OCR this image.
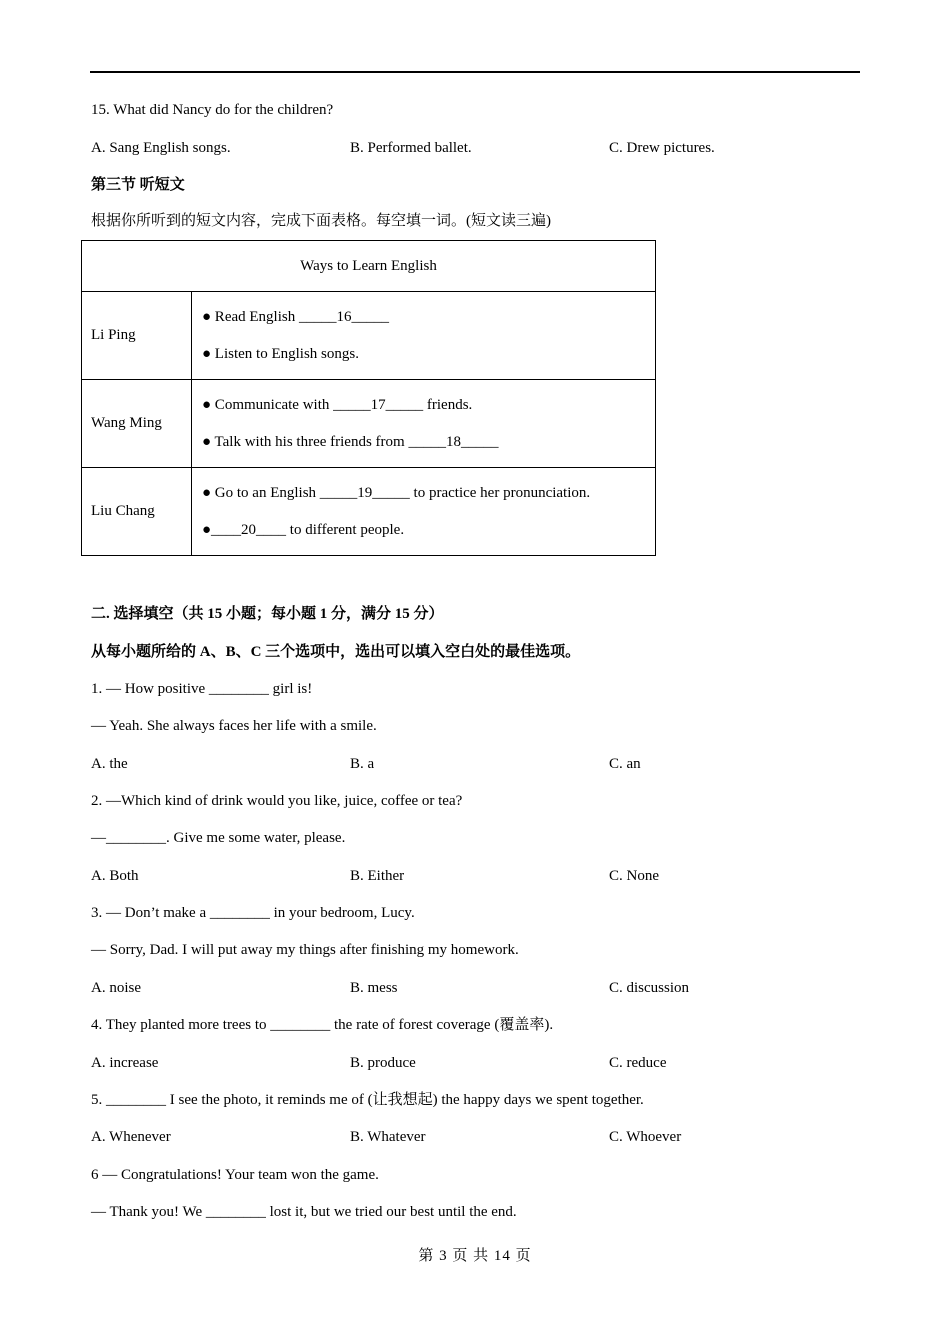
15. What did Nancy do for the children?
A. Sang English songs.	B. Performed ballet.	C. Drew pictures.
第三节 听短文
根据你所听到的短文内容，完成下面表格。每空填一词。(短文读三遍)
Ways to Learn English	
Li Ping	● Read English _____16_____
● Listen to English songs.

Wang Ming	● Communicate with _____17_____ friends.
● Talk with his three friends from _____18_____

Liu Chang	● Go to an English _____19_____ to practice her pronunciation.
●____20____ to different people.
二. 选择填空（共 15 小题；每小题 1 分，满分 15 分）
从每小题所给的 A、B、C 三个选项中，选出可以填入空白处的最佳选项。
1. — How positive ________ girl is!
— Yeah. She always faces her life with a smile.
A. the	B. a	C. an
2. —Which kind of drink would you like, juice, coffee or tea?
—________. Give me some water, please.
A. Both	B. Either	C. None
3. — Don’t make a ________ in your bedroom, Lucy.
— Sorry, Dad. I will put away my things after finishing my homework.
A. noise	B. mess	C. discussion
4. They planted more trees to ________ the rate of forest coverage (覆盖率).
A. increase	B. produce	C. reduce
5. ________ I see the photo, it reminds me of (让我想起) the happy days we spent together.
A. Whenever	B. Whatever	C. Whoever
6 — Congratulations! Your team won the game.
— Thank you! We ________ lost it, but we tried our best until the end.
第 3 页 共 14 页
